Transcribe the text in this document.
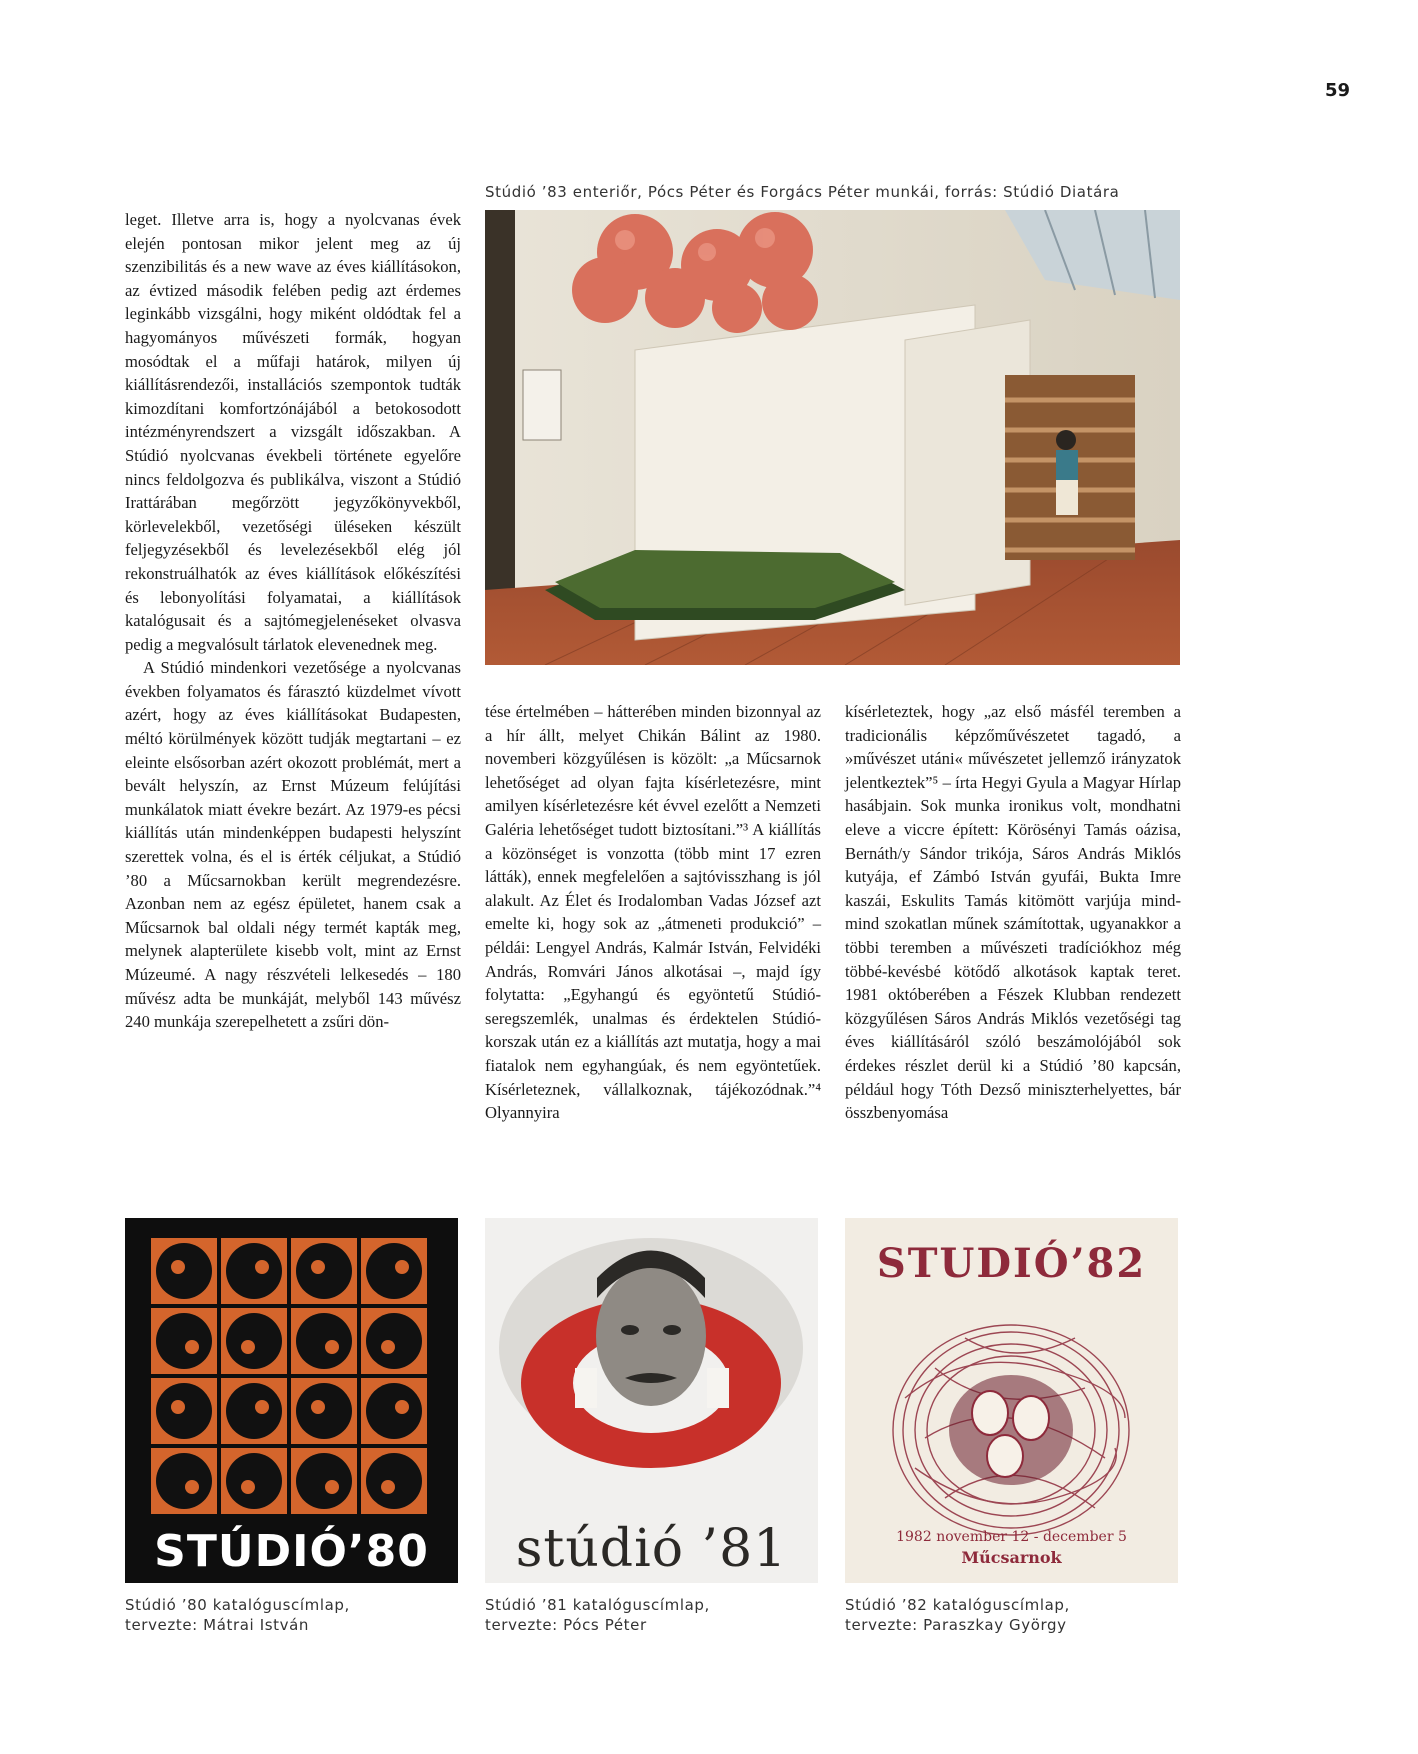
59

Stúdió ’83 enteriőr, Pócs Péter és Forgács Péter munkái, forrás: Stúdió Diatára

leget. Illetve arra is, hogy a nyolcvanas évek elején pontosan mikor jelent meg az új szenzibilitás és a new wave az éves kiállításokon, az évtized második felében pedig azt érdemes leginkább vizsgálni, hogy miként oldódtak fel a hagyományos művészeti formák, hogyan mosódtak el a műfaji határok, milyen új kiállításrendezői, installációs szempontok tudták kimozdítani komfortzónájából a betokosodott intézményrendszert a vizsgált időszakban. A Stúdió nyolcvanas évekbeli története egyelőre nincs feldolgozva és publikálva, viszont a Stúdió Irattárában megőrzött jegyzőkönyvekből, körlevelekből, vezetőségi üléseken készült feljegyzésekből és levelezésekből elég jól rekonstruálhatók az éves kiállítások előkészítési és lebonyolítási folyamatai, a kiállítások katalógusait és a sajtómegjelenéseket olvasva pedig a megvalósult tárlatok elevenednek meg.

A Stúdió mindenkori vezetősége a nyolcvanas években folyamatos és fárasztó küzdelmet vívott azért, hogy az éves kiállításokat Budapesten, méltó körülmények között tudják megtartani – ez eleinte elsősorban azért okozott problémát, mert a bevált helyszín, az Ernst Múzeum felújítási munkálatok miatt évekre bezárt. Az 1979-es pécsi kiállítás után mindenképpen budapesti helyszínt szerettek volna, és el is érték céljukat, a Stúdió ’80 a Műcsarnokban került megrendezésre. Azonban nem az egész épületet, hanem csak a Műcsarnok bal oldali négy termét kapták meg, melynek alapterülete kisebb volt, mint az Ernst Múzeumé. A nagy részvételi lelkesedés – 180 művész adta be munkáját, melyből 143 művész 240 munkája szerepelhetett a zsűri dön-

tése értelmében – hátterében minden bizonnyal az a hír állt, melyet Chikán Bálint az 1980. novemberi közgyűlésen is közölt: „a Műcsarnok lehetőséget ad olyan fajta kísérletezésre, mint amilyen kísérletezésre két évvel ezelőtt a Nemzeti Galéria lehetőséget tudott biztosítani.”³ A kiállítás a közönséget is vonzotta (több mint 17 ezren látták), ennek megfelelően a sajtóvisszhang is jól alakult. Az Élet és Irodalomban Vadas József azt emelte ki, hogy sok az „átmeneti produkció” – példái: Lengyel András, Kalmár István, Felvidéki András, Romvári János alkotásai –, majd így folytatta: „Egyhangú és egyöntetű Stúdió-seregszemlék, unalmas és érdektelen Stúdió-korszak után ez a kiállítás azt mutatja, hogy a mai fiatalok nem egyhangúak, és nem egyöntetűek. Kísérleteznek, vállalkoznak, tájékozódnak.”⁴ Olyannyira

kísérleteztek, hogy „az első másfél teremben a tradicionális képzőművészetet tagadó, a »művészet utáni« művészetet jellemző irányzatok jelentkeztek”⁵ – írta Hegyi Gyula a Magyar Hírlap hasábjain. Sok munka ironikus volt, mondhatni eleve a viccre épített: Körösényi Tamás oázisa, Bernáth/y Sándor trikója, Sáros András Miklós kutyája, ef Zámbó István gyufái, Bukta Imre kaszái, Eskulits Tamás kitömött varjúja mind-mind szokatlan műnek számítottak, ugyanakkor a többi teremben a művészeti tradíciókhoz még többé-kevésbé kötődő alkotások kaptak teret. 1981 októberében a Fészek Klubban rendezett közgyűlésen Sáros András Miklós vezetőségi tag éves kiállításáról szóló beszámolójából sok érdekes részlet derül ki a Stúdió ’80 kapcsán, például hogy Tóth Dezső miniszterhelyettes, bár összbenyomása

STÚDIÓ’80	stúdió ’81
STUDIÓ’82
1982 november 12 - december 5
Műcsarnok
Stúdió ’80 katalóguscímlap,
tervezte: Mátrai István
Stúdió ’81 katalóguscímlap,
tervezte: Pócs Péter
Stúdió ’82 katalóguscímlap,
tervezte: Paraszkay György
